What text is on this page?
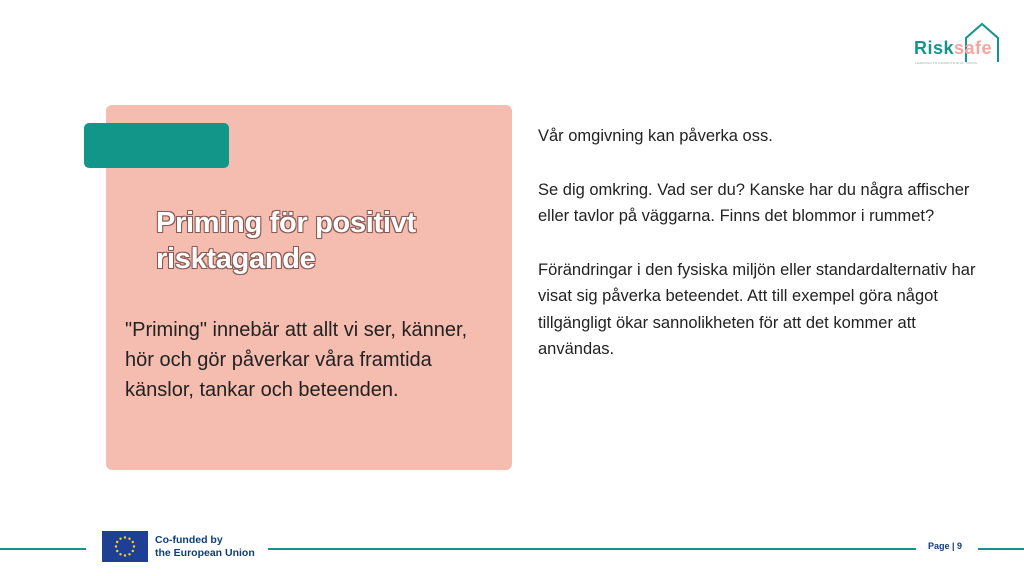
Risksafe
LEARNING TO PROMOTE RISK-TAKING
Priming för positivt risktagande

"Priming" innebär att allt vi ser, känner, hör och gör påverkar våra framtida känslor, tankar och beteenden.

Vår omgivning kan påverka oss.

Se dig omkring. Vad ser du? Kanske har du några affischer eller tavlor på väggarna. Finns det blommor i rummet?

Förändringar i den fysiska miljön eller standardalternativ har visat sig påverka beteendet. Att till exempel göra något tillgängligt ökar sannolikheten för att det kommer att användas.

Co-funded by
the European Union
Page | 9
